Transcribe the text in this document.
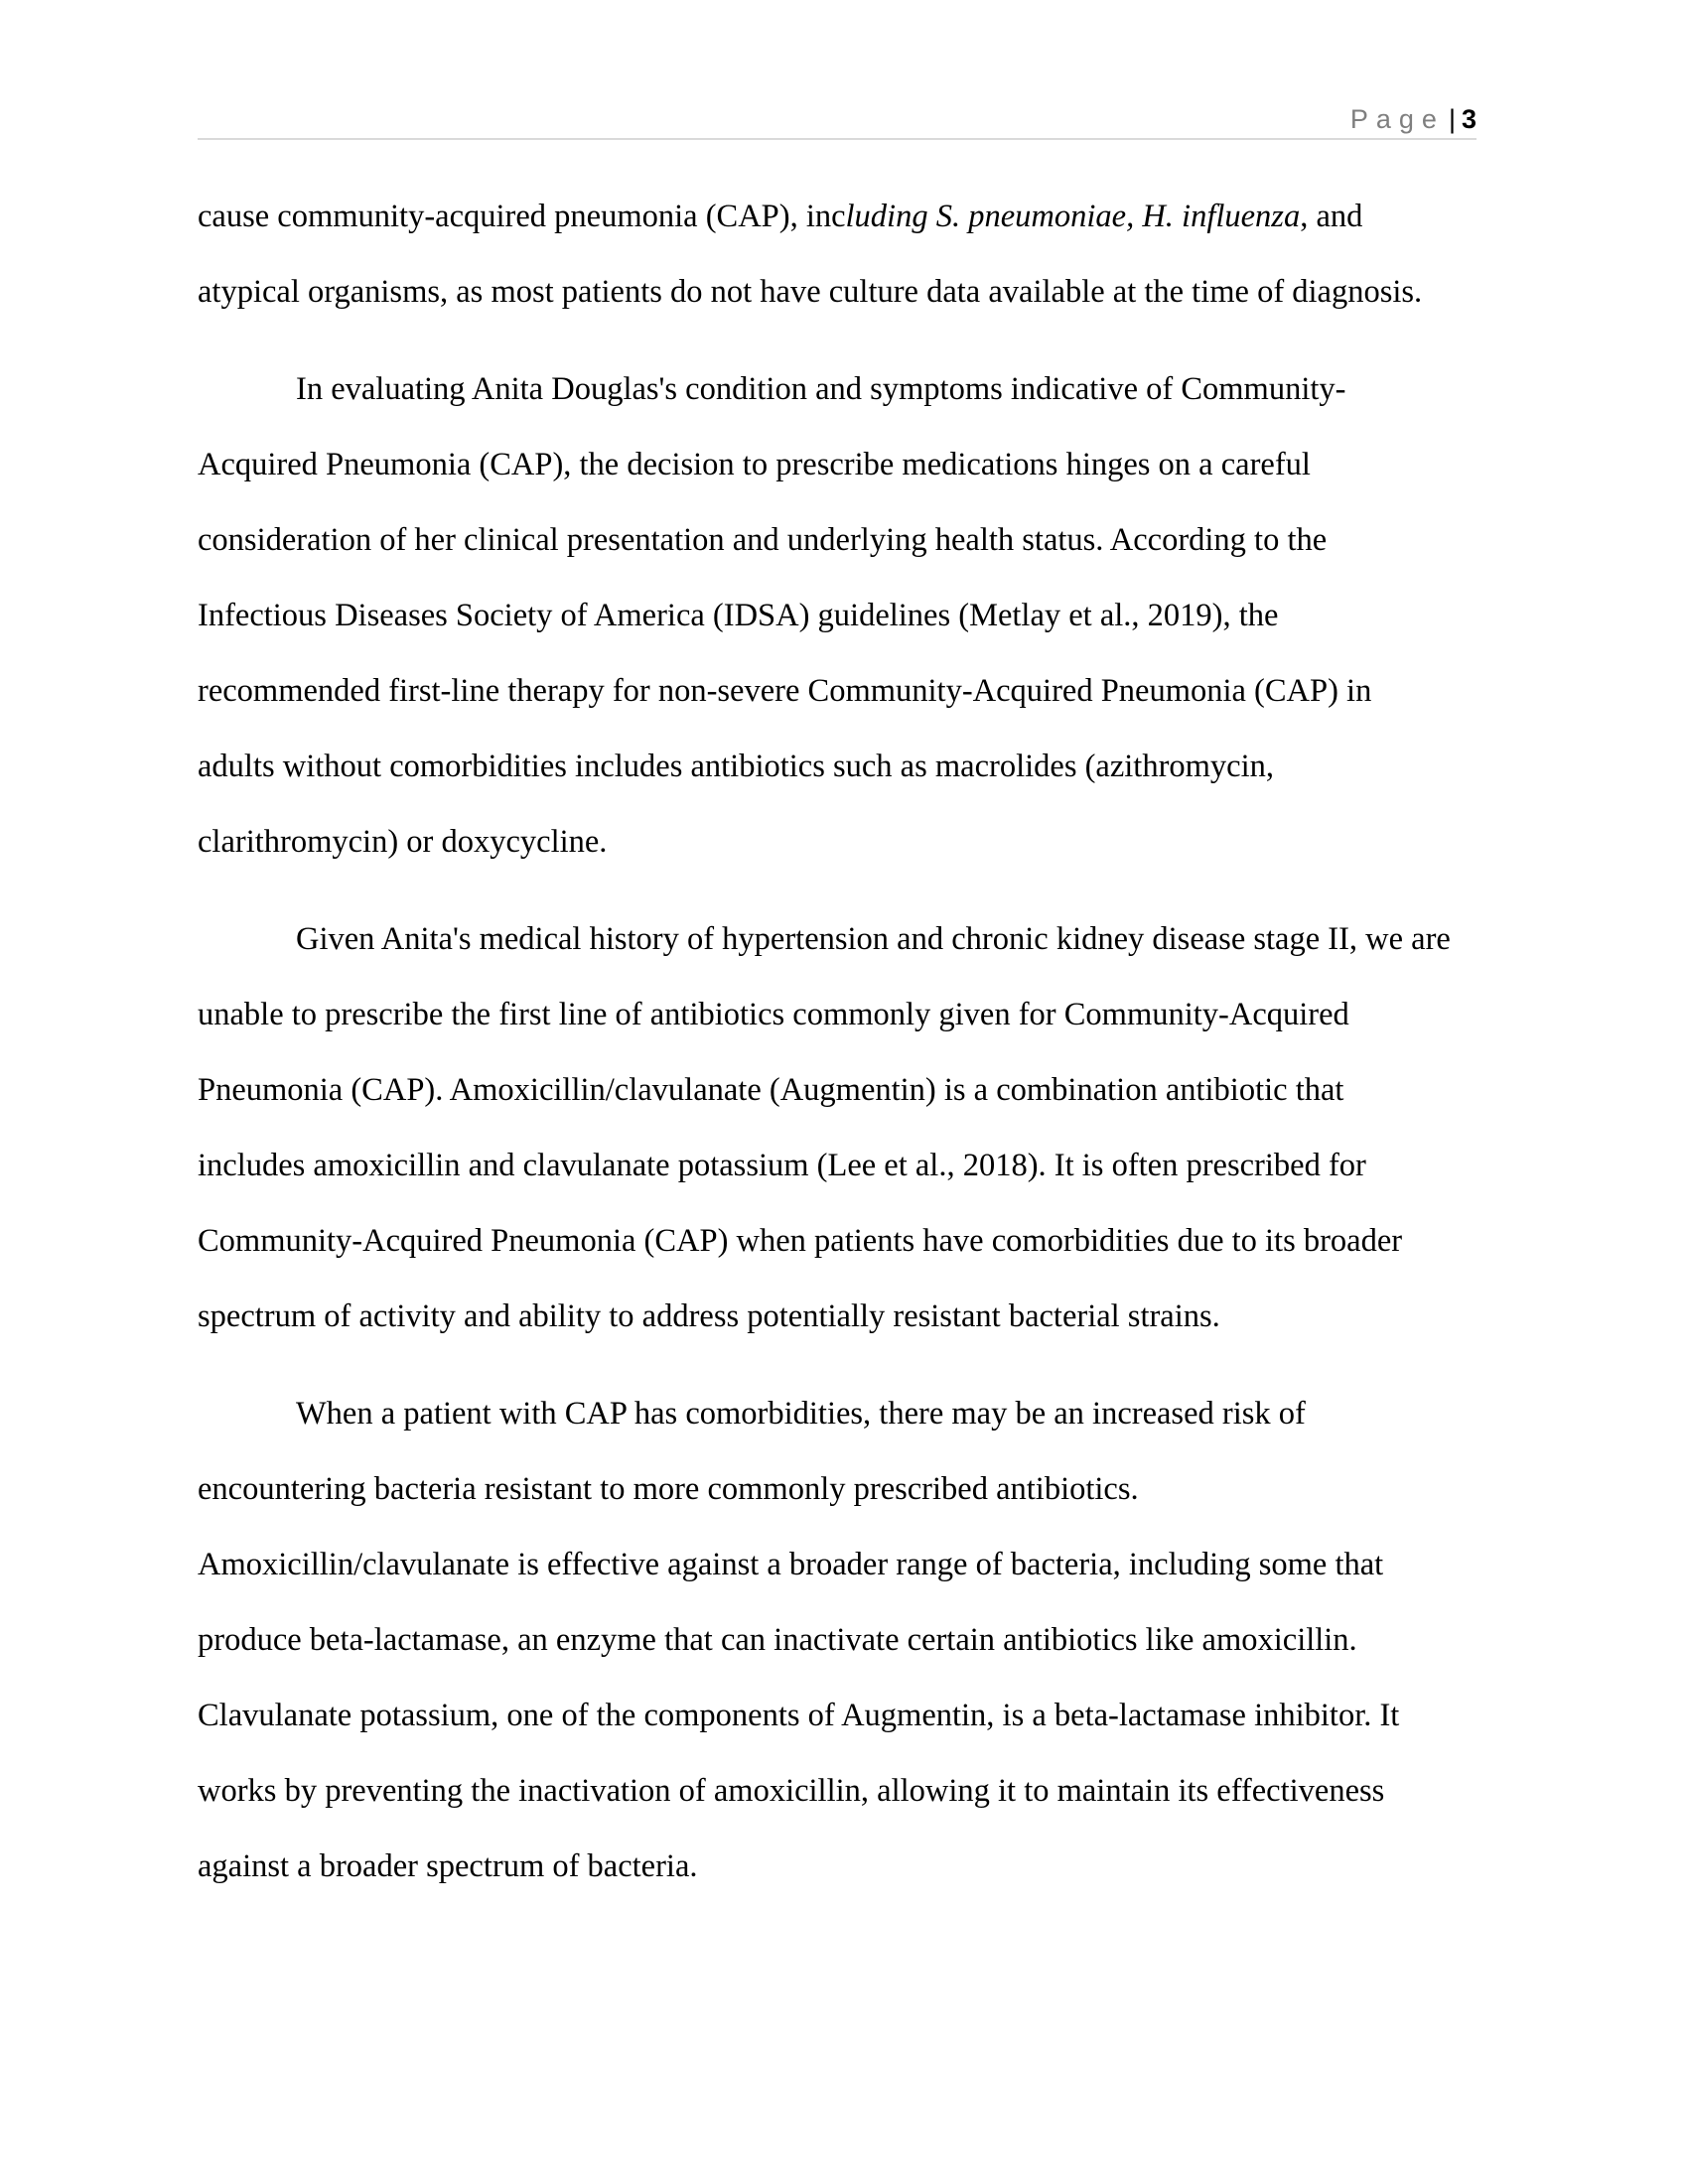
Page | 3
cause community-acquired pneumonia (CAP), including S. pneumoniae, H. influenza, and
atypical organisms, as most patients do not have culture data available at the time of diagnosis.
In evaluating Anita Douglas's condition and symptoms indicative of Community-
Acquired Pneumonia (CAP), the decision to prescribe medications hinges on a careful
consideration of her clinical presentation and underlying health status. According to the
Infectious Diseases Society of America (IDSA) guidelines (Metlay et al., 2019), the
recommended first-line therapy for non-severe Community-Acquired Pneumonia (CAP) in
adults without comorbidities includes antibiotics such as macrolides (azithromycin,
clarithromycin) or doxycycline.
Given Anita's medical history of hypertension and chronic kidney disease stage II, we are
unable to prescribe the first line of antibiotics commonly given for Community-Acquired
Pneumonia (CAP). Amoxicillin/clavulanate (Augmentin) is a combination antibiotic that
includes amoxicillin and clavulanate potassium (Lee et al., 2018). It is often prescribed for
Community-Acquired Pneumonia (CAP) when patients have comorbidities due to its broader
spectrum of activity and ability to address potentially resistant bacterial strains.
When a patient with CAP has comorbidities, there may be an increased risk of
encountering bacteria resistant to more commonly prescribed antibiotics.
Amoxicillin/clavulanate is effective against a broader range of bacteria, including some that
produce beta-lactamase, an enzyme that can inactivate certain antibiotics like amoxicillin.
Clavulanate potassium, one of the components of Augmentin, is a beta-lactamase inhibitor. It
works by preventing the inactivation of amoxicillin, allowing it to maintain its effectiveness
against a broader spectrum of bacteria.
